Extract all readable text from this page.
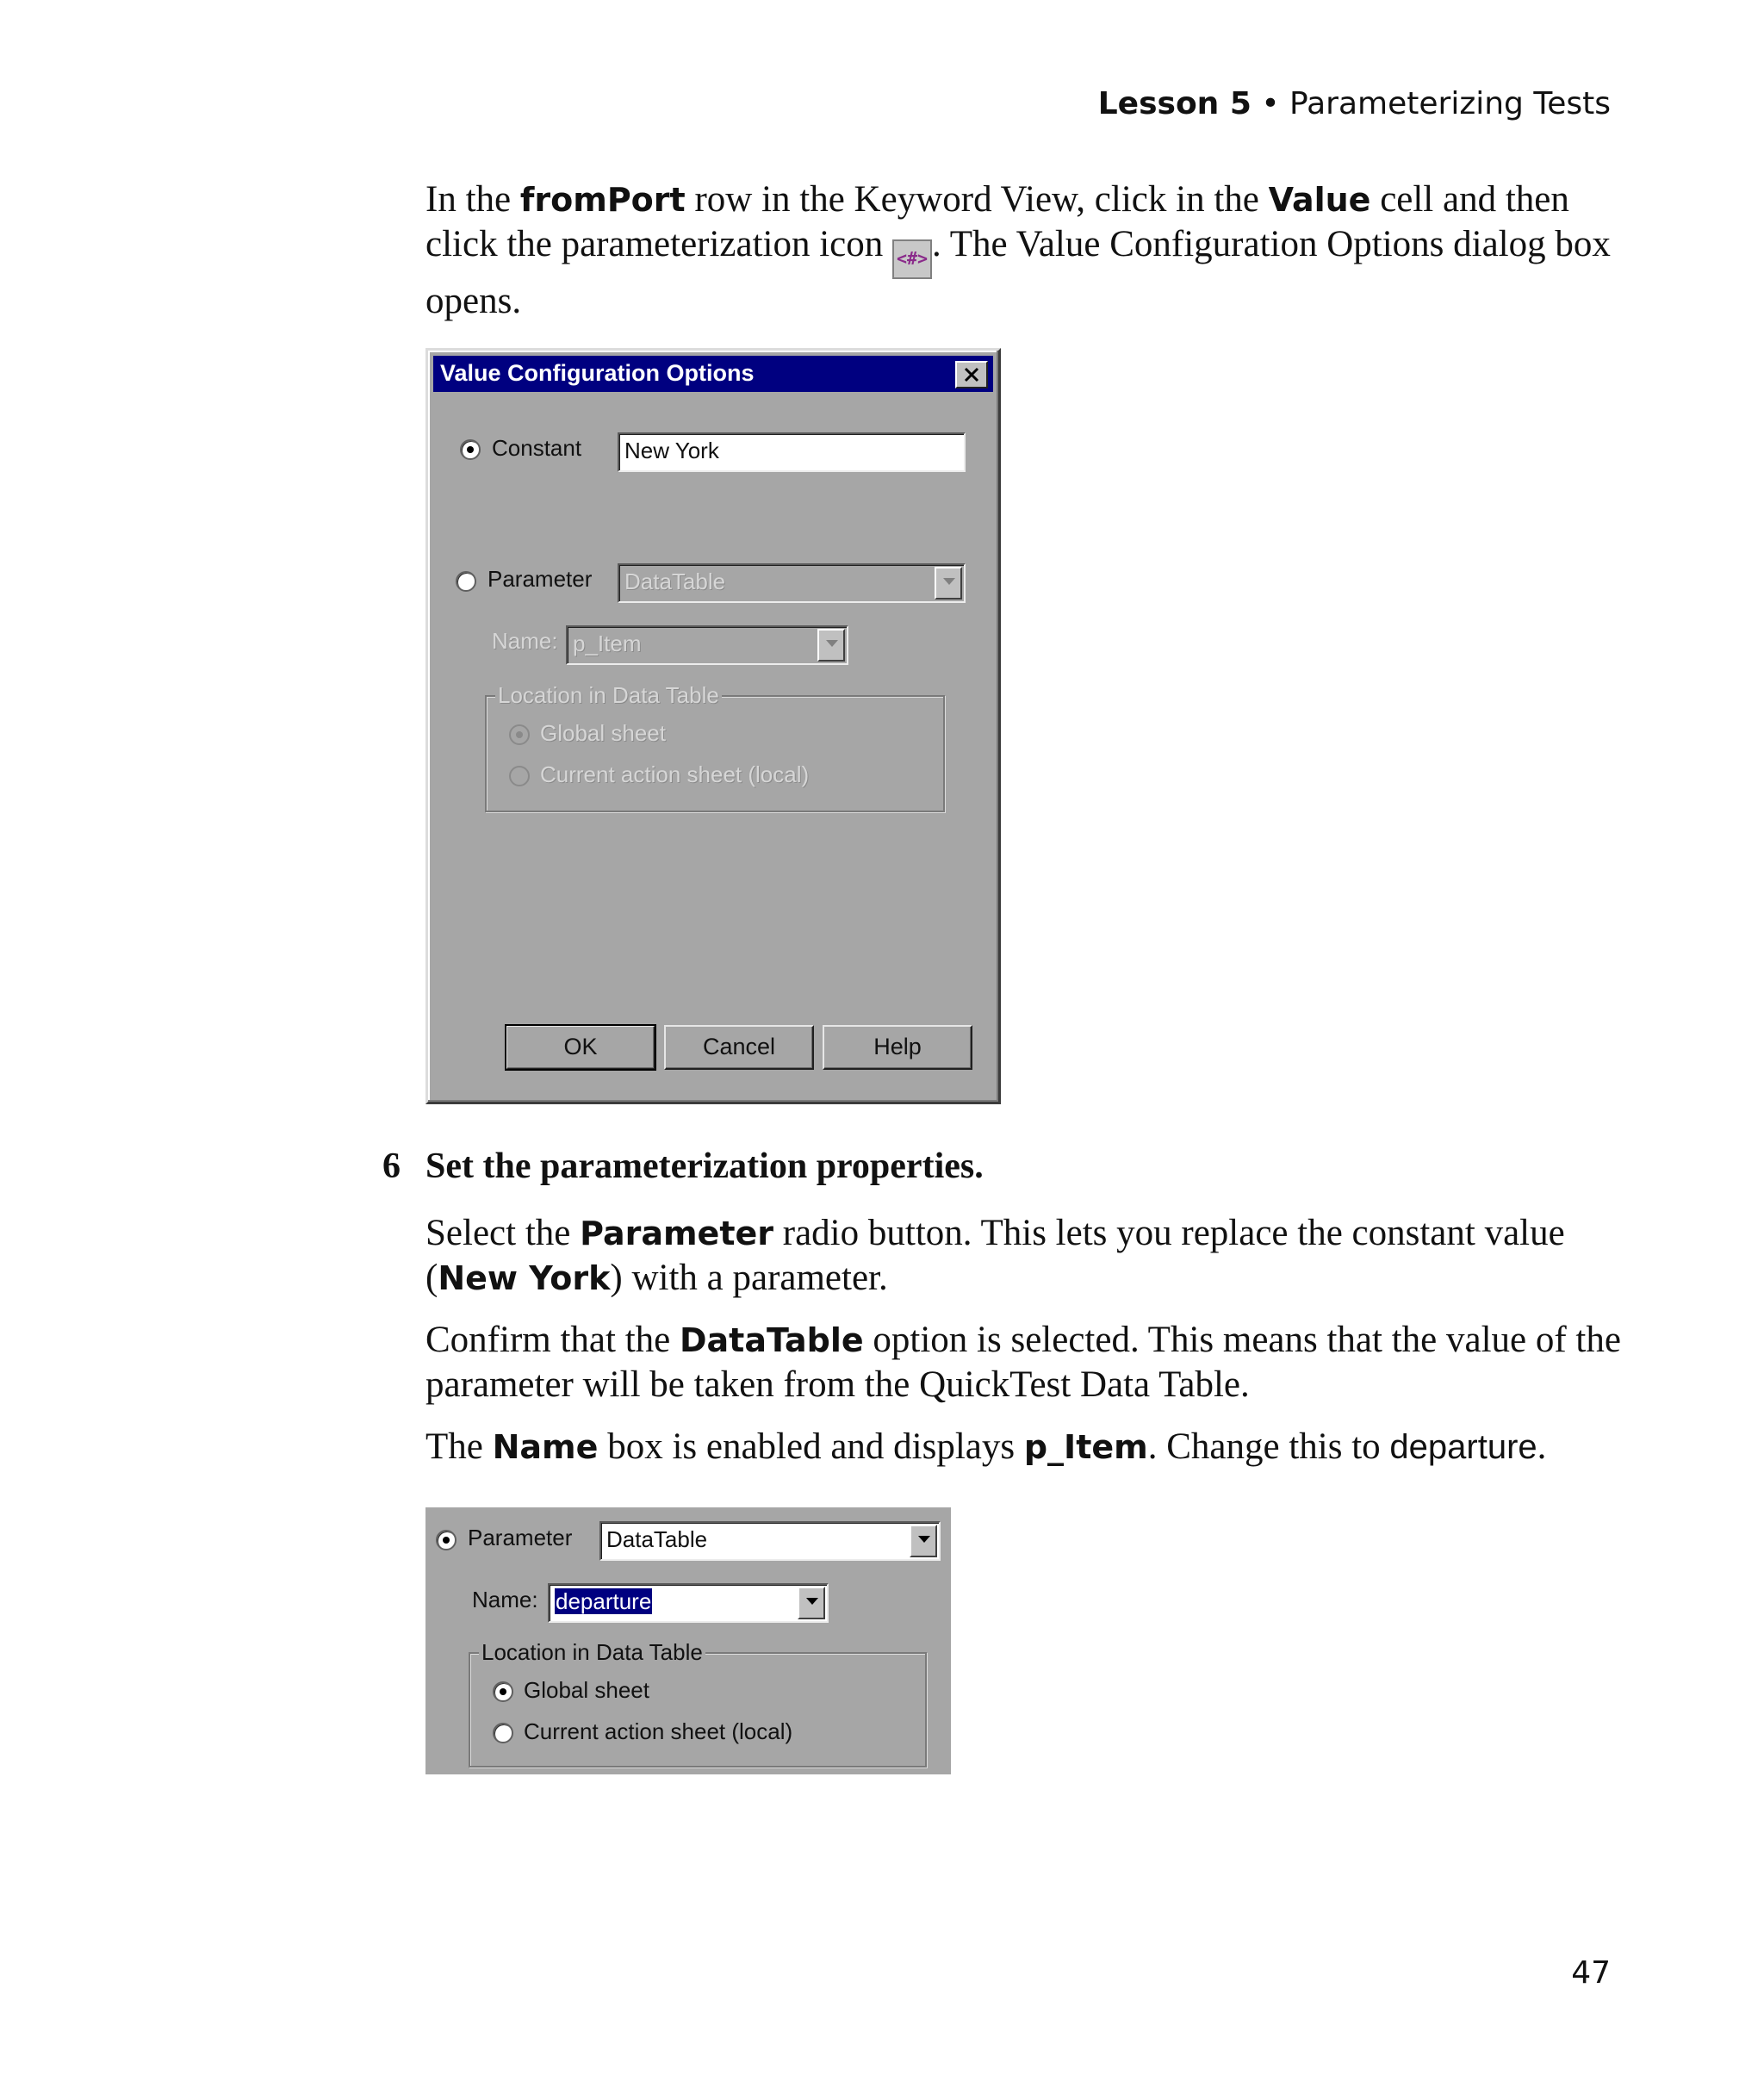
Lesson 5 • Parameterizing Tests

In the fromPort row in the Keyword View, click in the Value cell and then click the parameterization icon <#> . The Value Configuration Options dialog box opens.

Value Configuration Options
Constant	New York
Parameter	DataTable
Name: p_Item
Location in Data Table
Global sheet
Current action sheet (local)
OK	Cancel	Help
6 Set the parameterization properties.

Select the Parameter radio button. This lets you replace the constant value (New York) with a parameter.

Confirm that the DataTable option is selected. This means that the value of the parameter will be taken from the QuickTest Data Table.

The Name box is enabled and displays p_Item. Change this to departure.

Parameter	DataTable
Name: departure
Location in Data Table
Global sheet
Current action sheet (local)
47
